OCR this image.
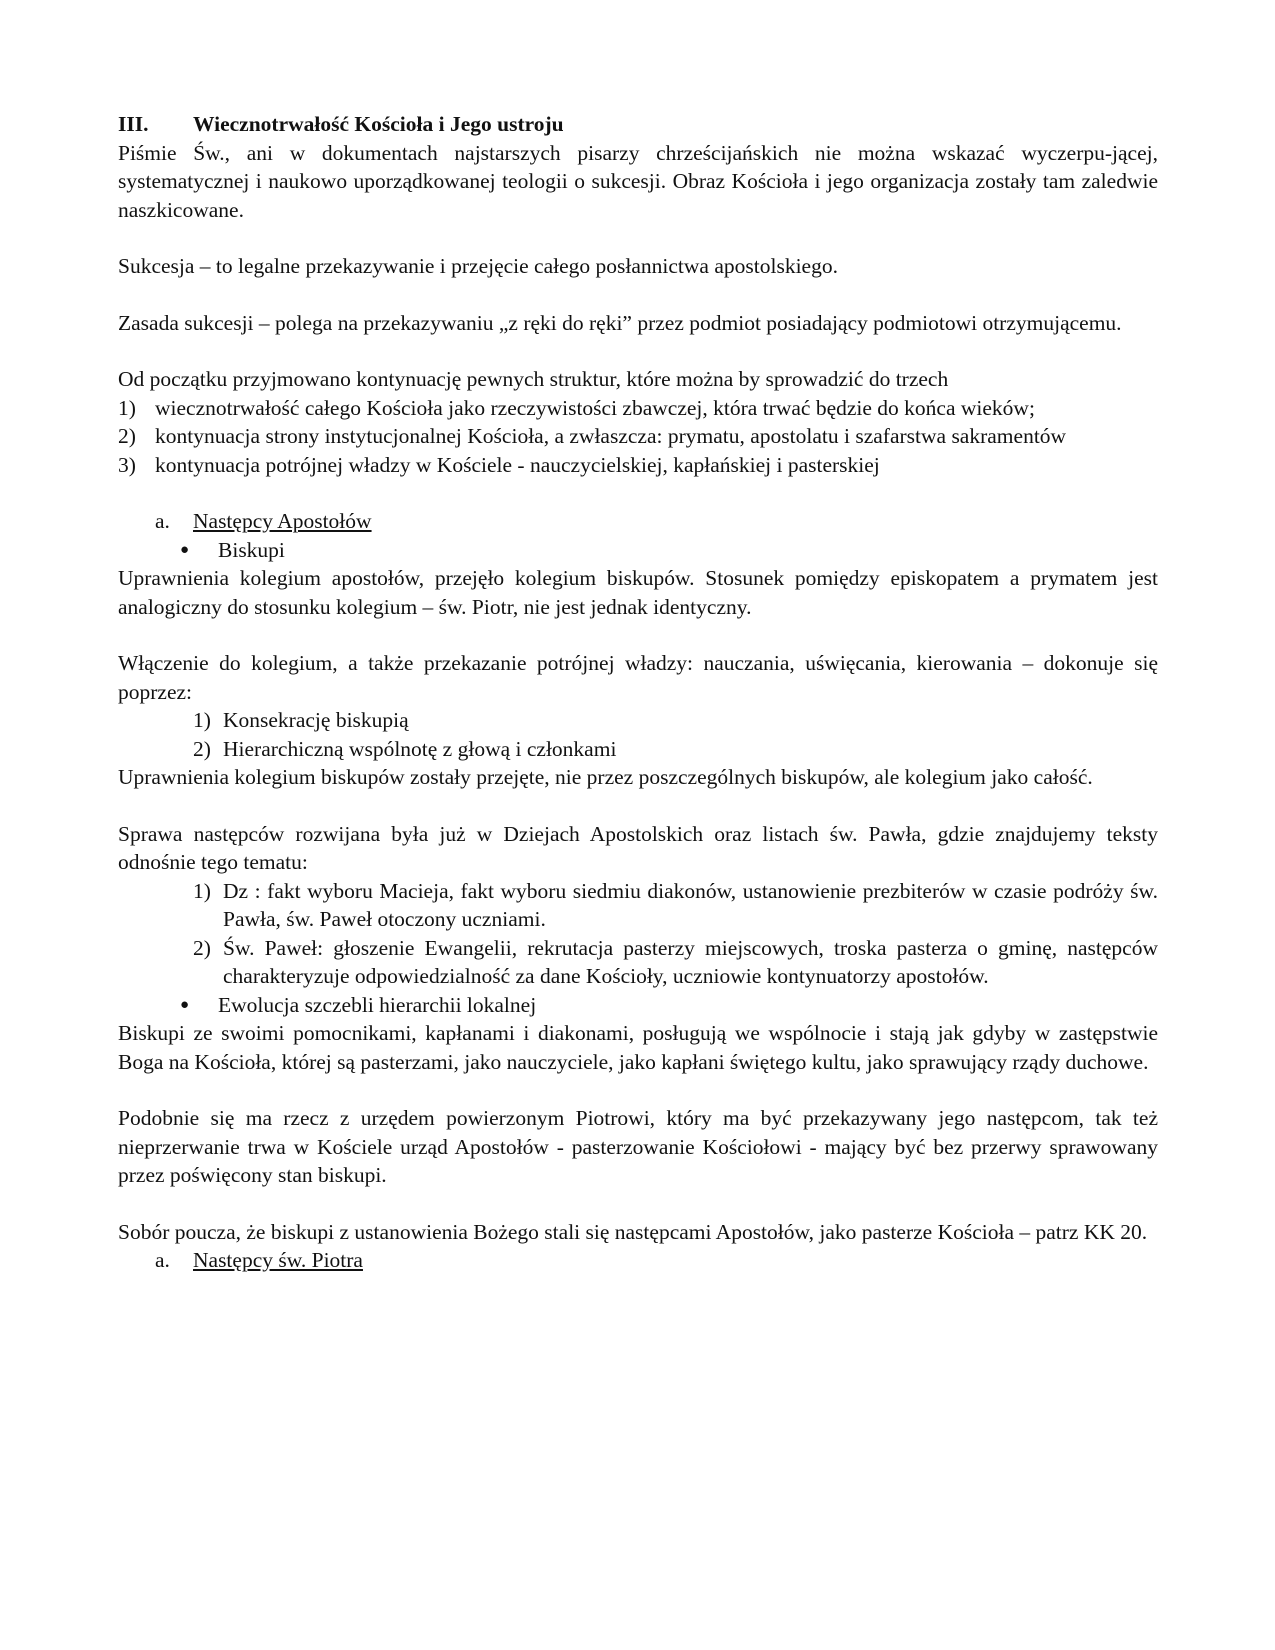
III.	Wiecznotrwałość Kościoła i Jego ustroju

Piśmie Św., ani w dokumentach najstarszych pisarzy chrześcijańskich nie można wskazać wyczerpu-jącej, systematycznej i naukowo uporządkowanej teologii o sukcesji. Obraz Kościoła i jego organizacja zostały tam zaledwie naszkicowane.

Sukcesja – to legalne przekazywanie i przejęcie całego posłannictwa apostolskiego.

Zasada sukcesji – polega na przekazywaniu „z ręki do ręki” przez podmiot posiadający podmiotowi otrzymującemu.

Od początku przyjmowano kontynuację pewnych struktur, które można by sprowadzić do trzech

1) wiecznotrwałość całego Kościoła jako rzeczywistości zbawczej, która trwać będzie do końca wieków;
2) kontynuacja strony instytucjonalnej Kościoła, a zwłaszcza: prymatu, apostolatu i szafarstwa sakramentów
3) kontynuacja potrójnej władzy w Kościele - nauczycielskiej, kapłańskiej i pasterskiej
a.	Następcy Apostołów
●	Biskupi

Uprawnienia kolegium apostołów, przejęło kolegium biskupów. Stosunek pomiędzy episkopatem a prymatem jest analogiczny do stosunku kolegium – św. Piotr, nie jest jednak identyczny.

Włączenie do kolegium, a także przekazanie potrójnej władzy: nauczania, uświęcania, kierowania – dokonuje się poprzez:

1) Konsekrację biskupią
2) Hierarchiczną wspólnotę z głową i członkami

Uprawnienia kolegium biskupów zostały przejęte, nie przez poszczególnych biskupów, ale kolegium jako całość.

Sprawa następców rozwijana była już w Dziejach Apostolskich oraz listach św. Pawła, gdzie znajdujemy teksty odnośnie tego tematu:

1) Dz : fakt wyboru Macieja, fakt wyboru siedmiu diakonów, ustanowienie prezbiterów w czasie podróży św. Pawła, św. Paweł otoczony uczniami.
2) Św. Paweł: głoszenie Ewangelii, rekrutacja pasterzy miejscowych, troska pasterza o gminę, następców charakteryzuje odpowiedzialność za dane Kościoły, uczniowie kontynuatorzy apostołów.
●	Ewolucja szczebli hierarchii lokalnej

Biskupi ze swoimi pomocnikami, kapłanami i diakonami, posługują we wspólnocie i stają jak gdyby w zastępstwie Boga na Kościoła, której są pasterzami, jako nauczyciele, jako kapłani świętego kultu, jako sprawujący rządy duchowe.

Podobnie się ma rzecz z urzędem powierzonym Piotrowi, który ma być przekazywany jego następcom, tak też nieprzerwanie trwa w Kościele urząd Apostołów - pasterzowanie Kościołowi - mający być bez przerwy sprawowany przez poświęcony stan biskupi.

Sobór poucza, że biskupi z ustanowienia Bożego stali się następcami Apostołów, jako pasterze Kościoła – patrz KK 20.

a.	Następcy św. Piotra
